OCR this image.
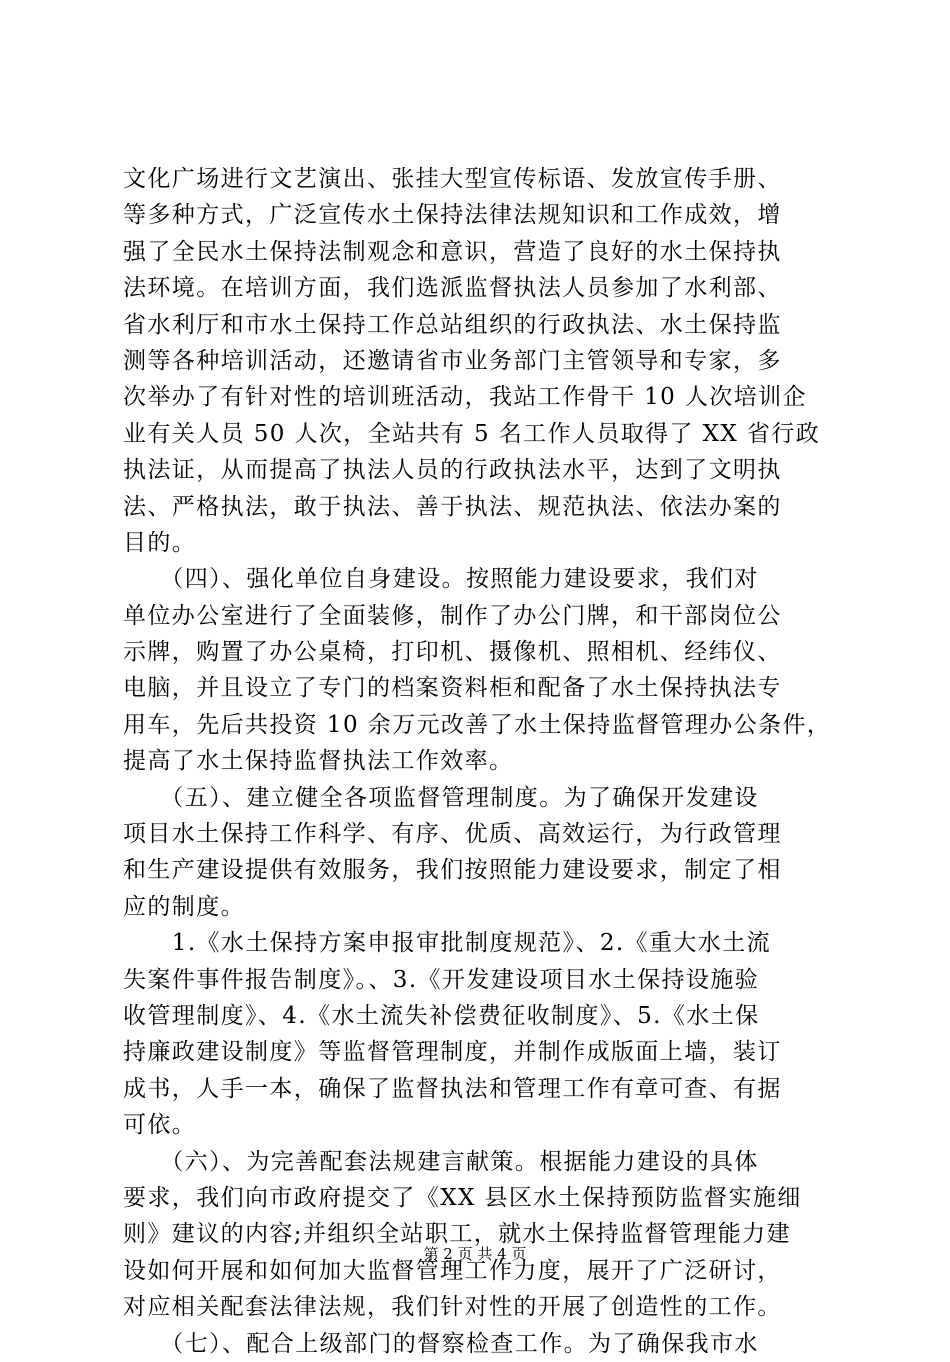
文化广场进行文艺演出、张挂大型宣传标语、发放宣传手册、
等多种方式，广泛宣传水土保持法律法规知识和工作成效，增
强了全民水土保持法制观念和意识，营造了良好的水土保持执
法环境。在培训方面，我们选派监督执法人员参加了水利部、
省水利厅和市水土保持工作总站组织的行政执法、水土保持监
测等各种培训活动，还邀请省市业务部门主管领导和专家，多
次举办了有针对性的培训班活动，我站工作骨干 10 人次培训企
业有关人员 50 人次，全站共有 5 名工作人员取得了 XX 省行政
执法证，从而提高了执法人员的行政执法水平，达到了文明执
法、严格执法，敢于执法、善于执法、规范执法、依法办案的
目的。
　　（四）、强化单位自身建设。按照能力建设要求，我们对
单位办公室进行了全面装修，制作了办公门牌，和干部岗位公
示牌，购置了办公桌椅，打印机、摄像机、照相机、经纬仪、
电脑，并且设立了专门的档案资料柜和配备了水土保持执法专
用车，先后共投资 10 余万元改善了水土保持监督管理办公条件，
提高了水土保持监督执法工作效率。
　　（五）、建立健全各项监督管理制度。为了确保开发建设
项目水土保持工作科学、有序、优质、高效运行，为行政管理
和生产建设提供有效服务，我们按照能力建设要求，制定了相
应的制度。
　　1.《水土保持方案申报审批制度规范》、2.《重大水土流
失案件事件报告制度》。、3.《开发建设项目水土保持设施验
收管理制度》、4.《水土流失补偿费征收制度》、5.《水土保
持廉政建设制度》等监督管理制度，并制作成版面上墙，装订
成书，人手一本，确保了监督执法和管理工作有章可查、有据
可依。
　　（六）、为完善配套法规建言献策。根据能力建设的具体
要求，我们向市政府提交了《XX 县区水土保持预防监督实施细
则》建议的内容;并组织全站职工，就水土保持监督管理能力建
设如何开展和如何加大监督管理工作力度，展开了广泛研讨，
对应相关配套法律法规，我们针对性的开展了创造性的工作。
　　（七）、配合上级部门的督察检查工作。为了确保我市水
第 2 页 共 4 页
